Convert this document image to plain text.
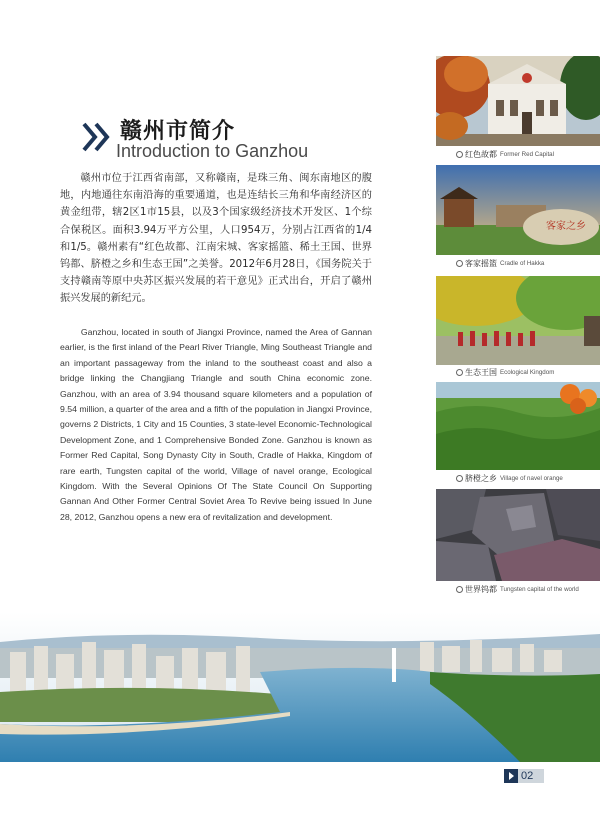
赣州市简介
Introduction to Ganzhou

赣州市位于江西省南部，又称赣南，是珠三角、闽东南地区的腹地，内地通往东南沿海的重要通道，也是连结长三角和华南经济区的黄金纽带，辖2区1市15县，以及3个国家级经济技术开发区、1个综合保税区。面积3.94万平方公里，人口954万，分别占江西省的1/4和1/5。赣州素有“红色故都、江南宋城、客家摇篮、稀土王国、世界钨都、脐橙之乡和生态王国”之美誉。2012年6月28日，《国务院关于支持赣南等原中央苏区振兴发展的若干意见》正式出台，开启了赣州振兴发展的新纪元。

Ganzhou, located in south of Jiangxi Province, named the Area of Gannan earlier, is the first inland of the Pearl River Triangle, Ming Southeast Triangle and an important passageway from the inland to the southeast coast and also a bridge linking the Changjiang Triangle and south China economic zone. Ganzhou, with an area of 3.94 thousand square kilometers and a population of 9.54 million, a quarter of the area and a fifth of the population in Jiangxi Province, governs 2 Districts, 1 City and 15 Counties, 3 state-level Economic-Technological Development Zone, and 1 Comprehensive Bonded Zone. Ganzhou is known as Former Red Capital, Song Dynasty City in South, Cradle of Hakka, Kingdom of rare earth, Tungsten capital of the world, Village of navel orange, Ecological Kingdom. With the Several Opinions Of The State Council On Supporting Gannan And Other Former Central Soviet Area To Revive being issued In June 28, 2012, Ganzhou opens a new era of revitalization and development.

红色故都 Former Red Capital
客家之乡
客家摇篮 Cradle of Hakka
生态王国 Ecological Kingdom
脐橙之乡 Village of navel orange
世界钨都 Tungsten capital of the world
02
